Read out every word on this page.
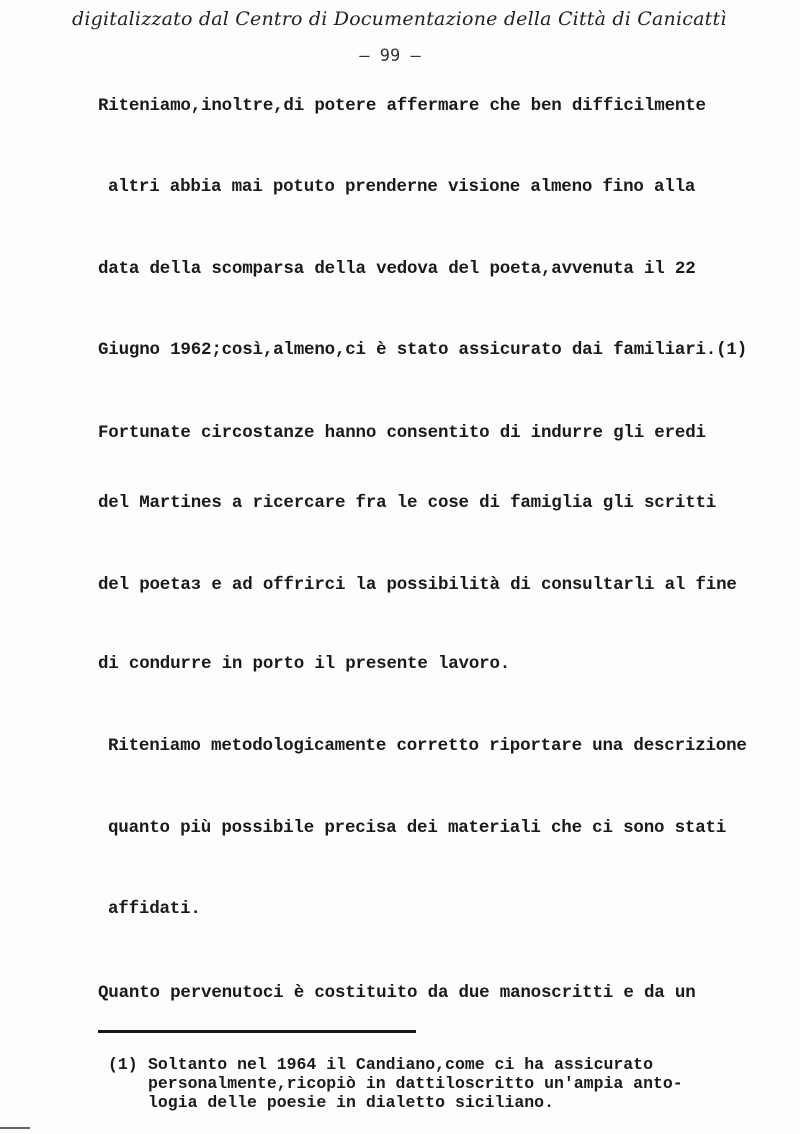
digitalizzato dal Centro di Documentazione della Città di Canicattì
– 99 –
Riteniamo,inoltre,di potere affermare che ben difficilmente
altri abbia mai potuto prenderne visione almeno fino alla
data della scomparsa della vedova del poeta,avvenuta il 22
Giugno 1962;così,almeno,ci è stato assicurato dai familiari.(1)
Fortunate circostanze hanno consentito di indurre gli eredi
del Martines a ricercare fra le cose di famiglia gli scritti
del poetaз e ad offrirci la possibilità di consultarli al fine
di condurre in porto il presente lavoro.
Riteniamo metodologicamente corretto riportare una descrizione
quanto più possibile precisa dei materiali che ci sono stati
affidati.
Quanto pervenutoci è costituito da due manoscritti e da un
(1) Soltanto nel 1964 il Candiano,come ci ha assicurato
personalmente,ricopiò in dattiloscritto un'ampia anto-
logia delle poesie in dialetto siciliano.
